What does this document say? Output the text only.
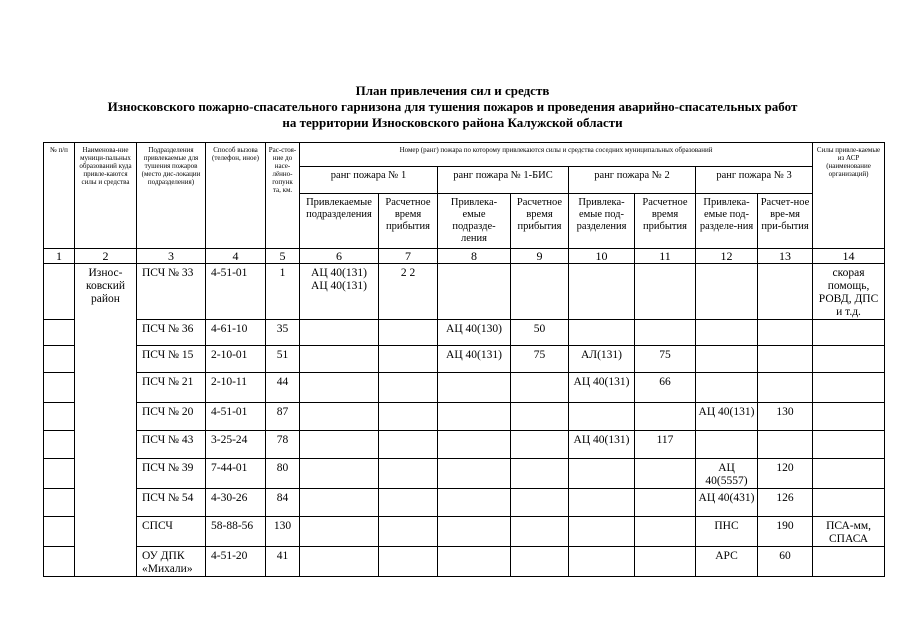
План привлечения сил и средств
Износковского пожарно-спасательного гарнизона для тушения пожаров и проведения аварийно-спасательных работ
на территории Износковского района Калужской области
№ п/п	Наименова-ние муници-пальных образований куда привле-каются силы и средства	Подразделения привлекаемые для тушения пожаров (место дис-локации подразделения)	Способ вызова (телефон, иное)	Рас-стоя-ние до насе-лённо-гопунк та, км.	Номер (ранг) пожара по которому привлекаются силы и средства соседних муниципальных образований								Силы привле-каемые из АСР (наименование организаций)
					ранг пожара № 1		ранг пожара № 1-БИС		ранг пожара № 2		ранг пожара № 3		
					Привлекаемые подразделения	Расчетное время прибытия	Привлека-емые подразде-ления	Расчетное время прибытия	Привлека-емые под-разделения	Расчетное время прибытия	Привлека-емые под-разделе-ния	Расчет-ное вре-мя при-бытия	
1	2	3	4	5	6	7	8	9	10	11	12	13	14
	Износ-ковский район	ПСЧ № 33	4-51-01	1	АЦ 40(131) АЦ 40(131)	2 2							скорая помощь, РОВД, ДПС и т.д.
		ПСЧ № 36	4-61-10	35			АЦ 40(130)	50					
		ПСЧ № 15	2-10-01	51			АЦ 40(131)	75	АЛ(131)	75			
		ПСЧ № 21	2-10-11	44					АЦ 40(131)	66			
		ПСЧ № 20	4-51-01	87							АЦ 40(131)	130	
		ПСЧ № 43	3-25-24	78					АЦ 40(131)	117			
		ПСЧ № 39	7-44-01	80							АЦ 40(5557)	120	
		ПСЧ № 54	4-30-26	84							АЦ 40(431)	126	
		СПСЧ	58-88-56	130							ПНС	190	ПСА-мм, СПАСА
		ОУ ДПК «Михали»	4-51-20	41							АРС	60	
